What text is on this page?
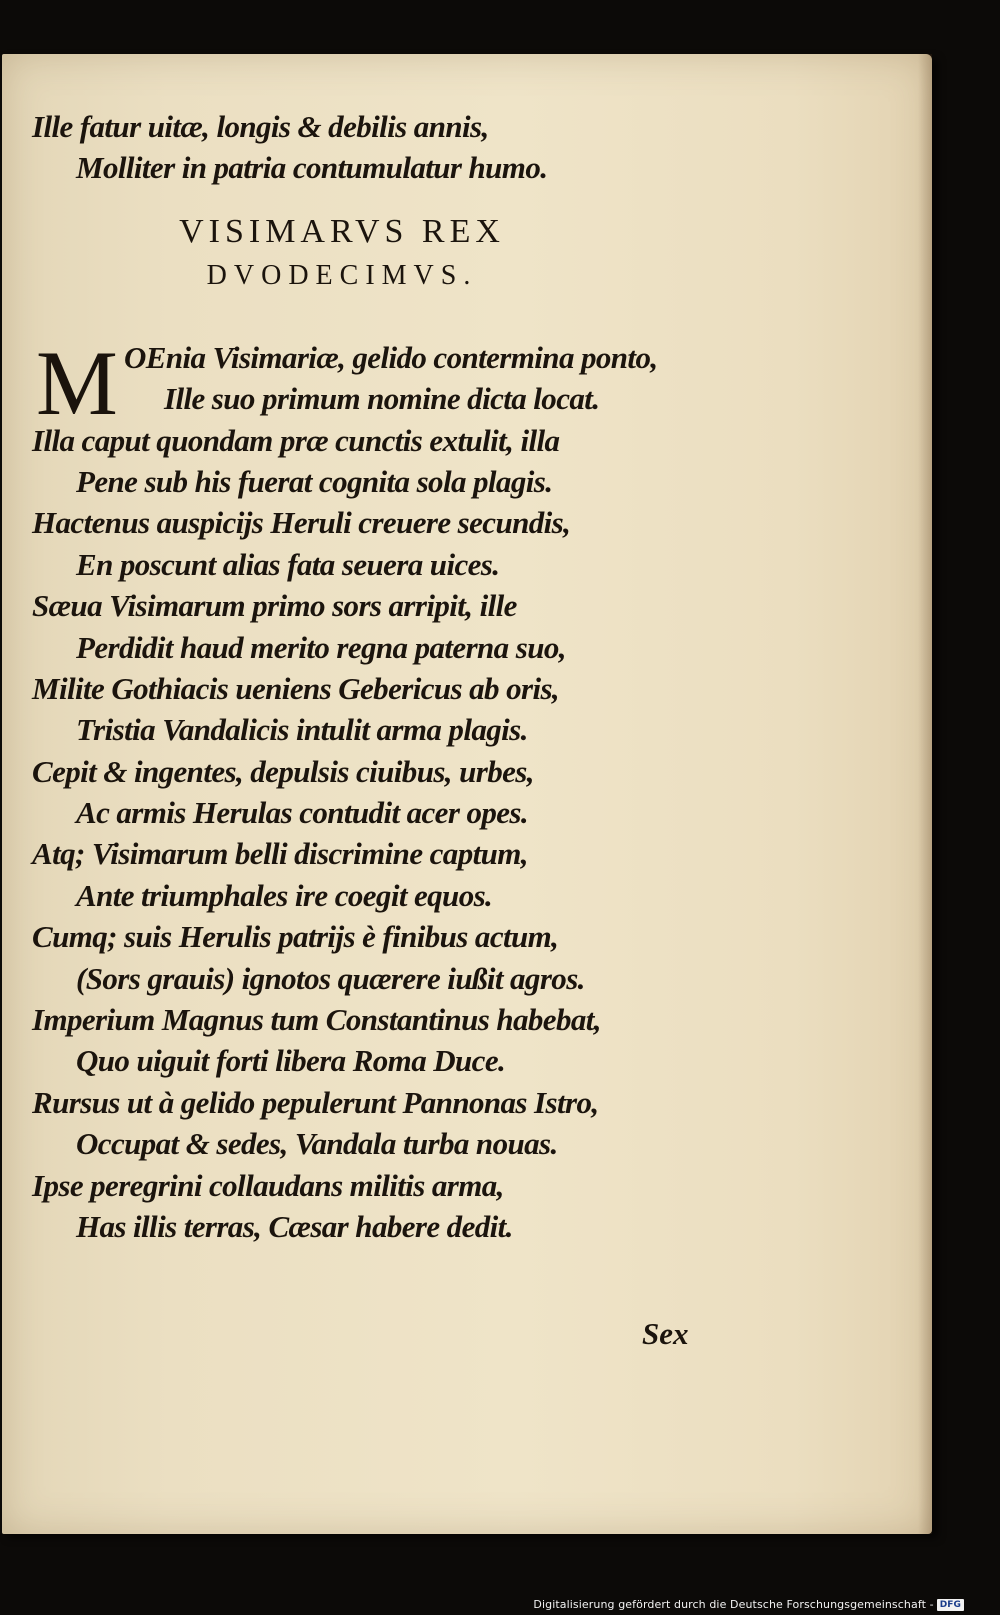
Ille fatur uitæ, longis & debilis annis,
Molliter in patria contumulatur humo.
VISIMARVS REX
DVODECIMVS.
M OEnia Visimariæ, gelido contermina ponto,
Ille suo primum nomine dicta locat.
Illa caput quondam præ cunctis extulit, illa
Pene sub his fuerat cognita sola plagis.
Hactenus auspicijs Heruli creuere secundis,
En poscunt alias fata seuera uices.
Sæua Visimarum primo sors arripit, ille
Perdidit haud merito regna paterna suo,
Milite Gothiacis ueniens Gebericus ab oris,
Tristia Vandalicis intulit arma plagis.
Cepit & ingentes, depulsis ciuibus, urbes,
Ac armis Herulas contudit acer opes.
Atq; Visimarum belli discrimine captum,
Ante triumphales ire coegit equos.
Cumq; suis Herulis patrijs è finibus actum,
(Sors grauis) ignotos quærere iußit agros.
Imperium Magnus tum Constantinus habebat,
Quo uiguit forti libera Roma Duce.
Rursus ut à gelido pepulerunt Pannonas Istro,
Occupat & sedes, Vandala turba nouas.
Ipse peregrini collaudans militis arma,
Has illis terras, Cæsar habere dedit.
Sex
Digitalisierung gefördert durch die Deutsche Forschungsgemeinschaft - DFG
